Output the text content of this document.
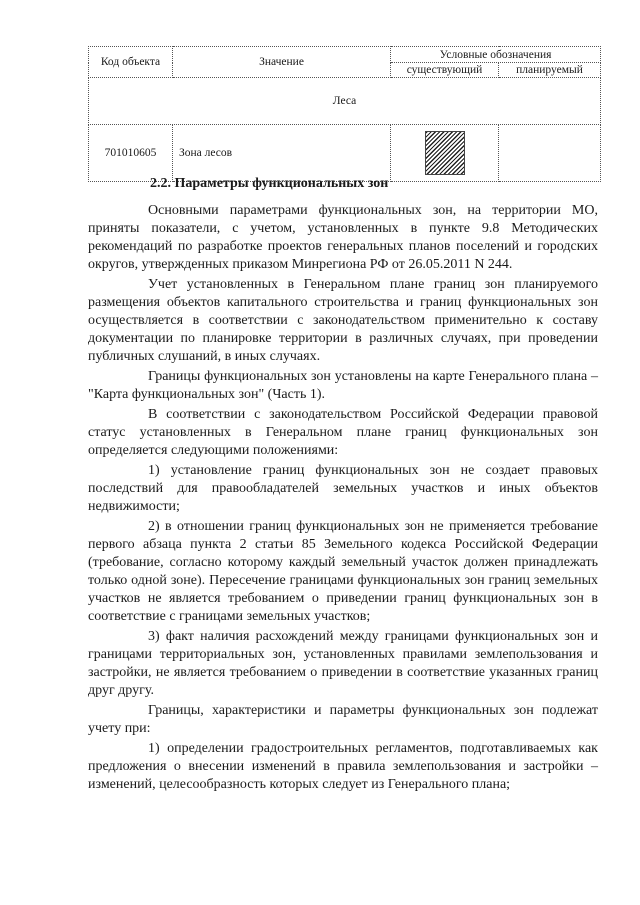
Код объекта	Значение	Условные обозначения	
		существующий	планируемый
Леса			
701010605	Зона лесов	

2.2. Параметры функциональных зон

Основными параметрами функциональных зон, на территории МО, приняты показатели, с учетом, установленных в пункте 9.8 Методических рекомендаций по разработке проектов генеральных планов поселений и городских округов, утвержденных приказом Минрегиона РФ от 26.05.2011 N 244.

Учет установленных в Генеральном плане границ зон планируемого размещения объектов капитального строительства и границ функциональных зон осуществляется в соответствии с законодательством применительно к составу документации по планировке территории в различных случаях, при проведении публичных слушаний, в иных случаях.

Границы функциональных зон установлены на карте Генерального плана – "Карта функциональных зон" (Часть 1).

В соответствии с законодательством Российской Федерации правовой статус установленных в Генеральном плане границ функциональных зон определяется следующими положениями:

1) установление границ функциональных зон не создает правовых последствий для правообладателей земельных участков и иных объектов недвижимости;

2) в отношении границ функциональных зон не применяется требование первого абзаца пункта 2 статьи 85 Земельного кодекса Российской Федерации (требование, согласно которому каждый земельный участок должен принадлежать только одной зоне). Пересечение границами функциональных зон границ земельных участков не является требованием о приведении границ функциональных зон в соответствие с границами земельных участков;

3) факт наличия расхождений между границами функциональных зон и границами территориальных зон, установленных правилами землепользования и застройки, не является требованием о приведении в соответствие указанных границ друг другу.

Границы, характеристики и параметры функциональных зон подлежат учету при:

1) определении градостроительных регламентов, подготавливаемых как предложения о внесении изменений в правила землепользования и застройки – изменений, целесообразность которых следует из Генерального плана;
